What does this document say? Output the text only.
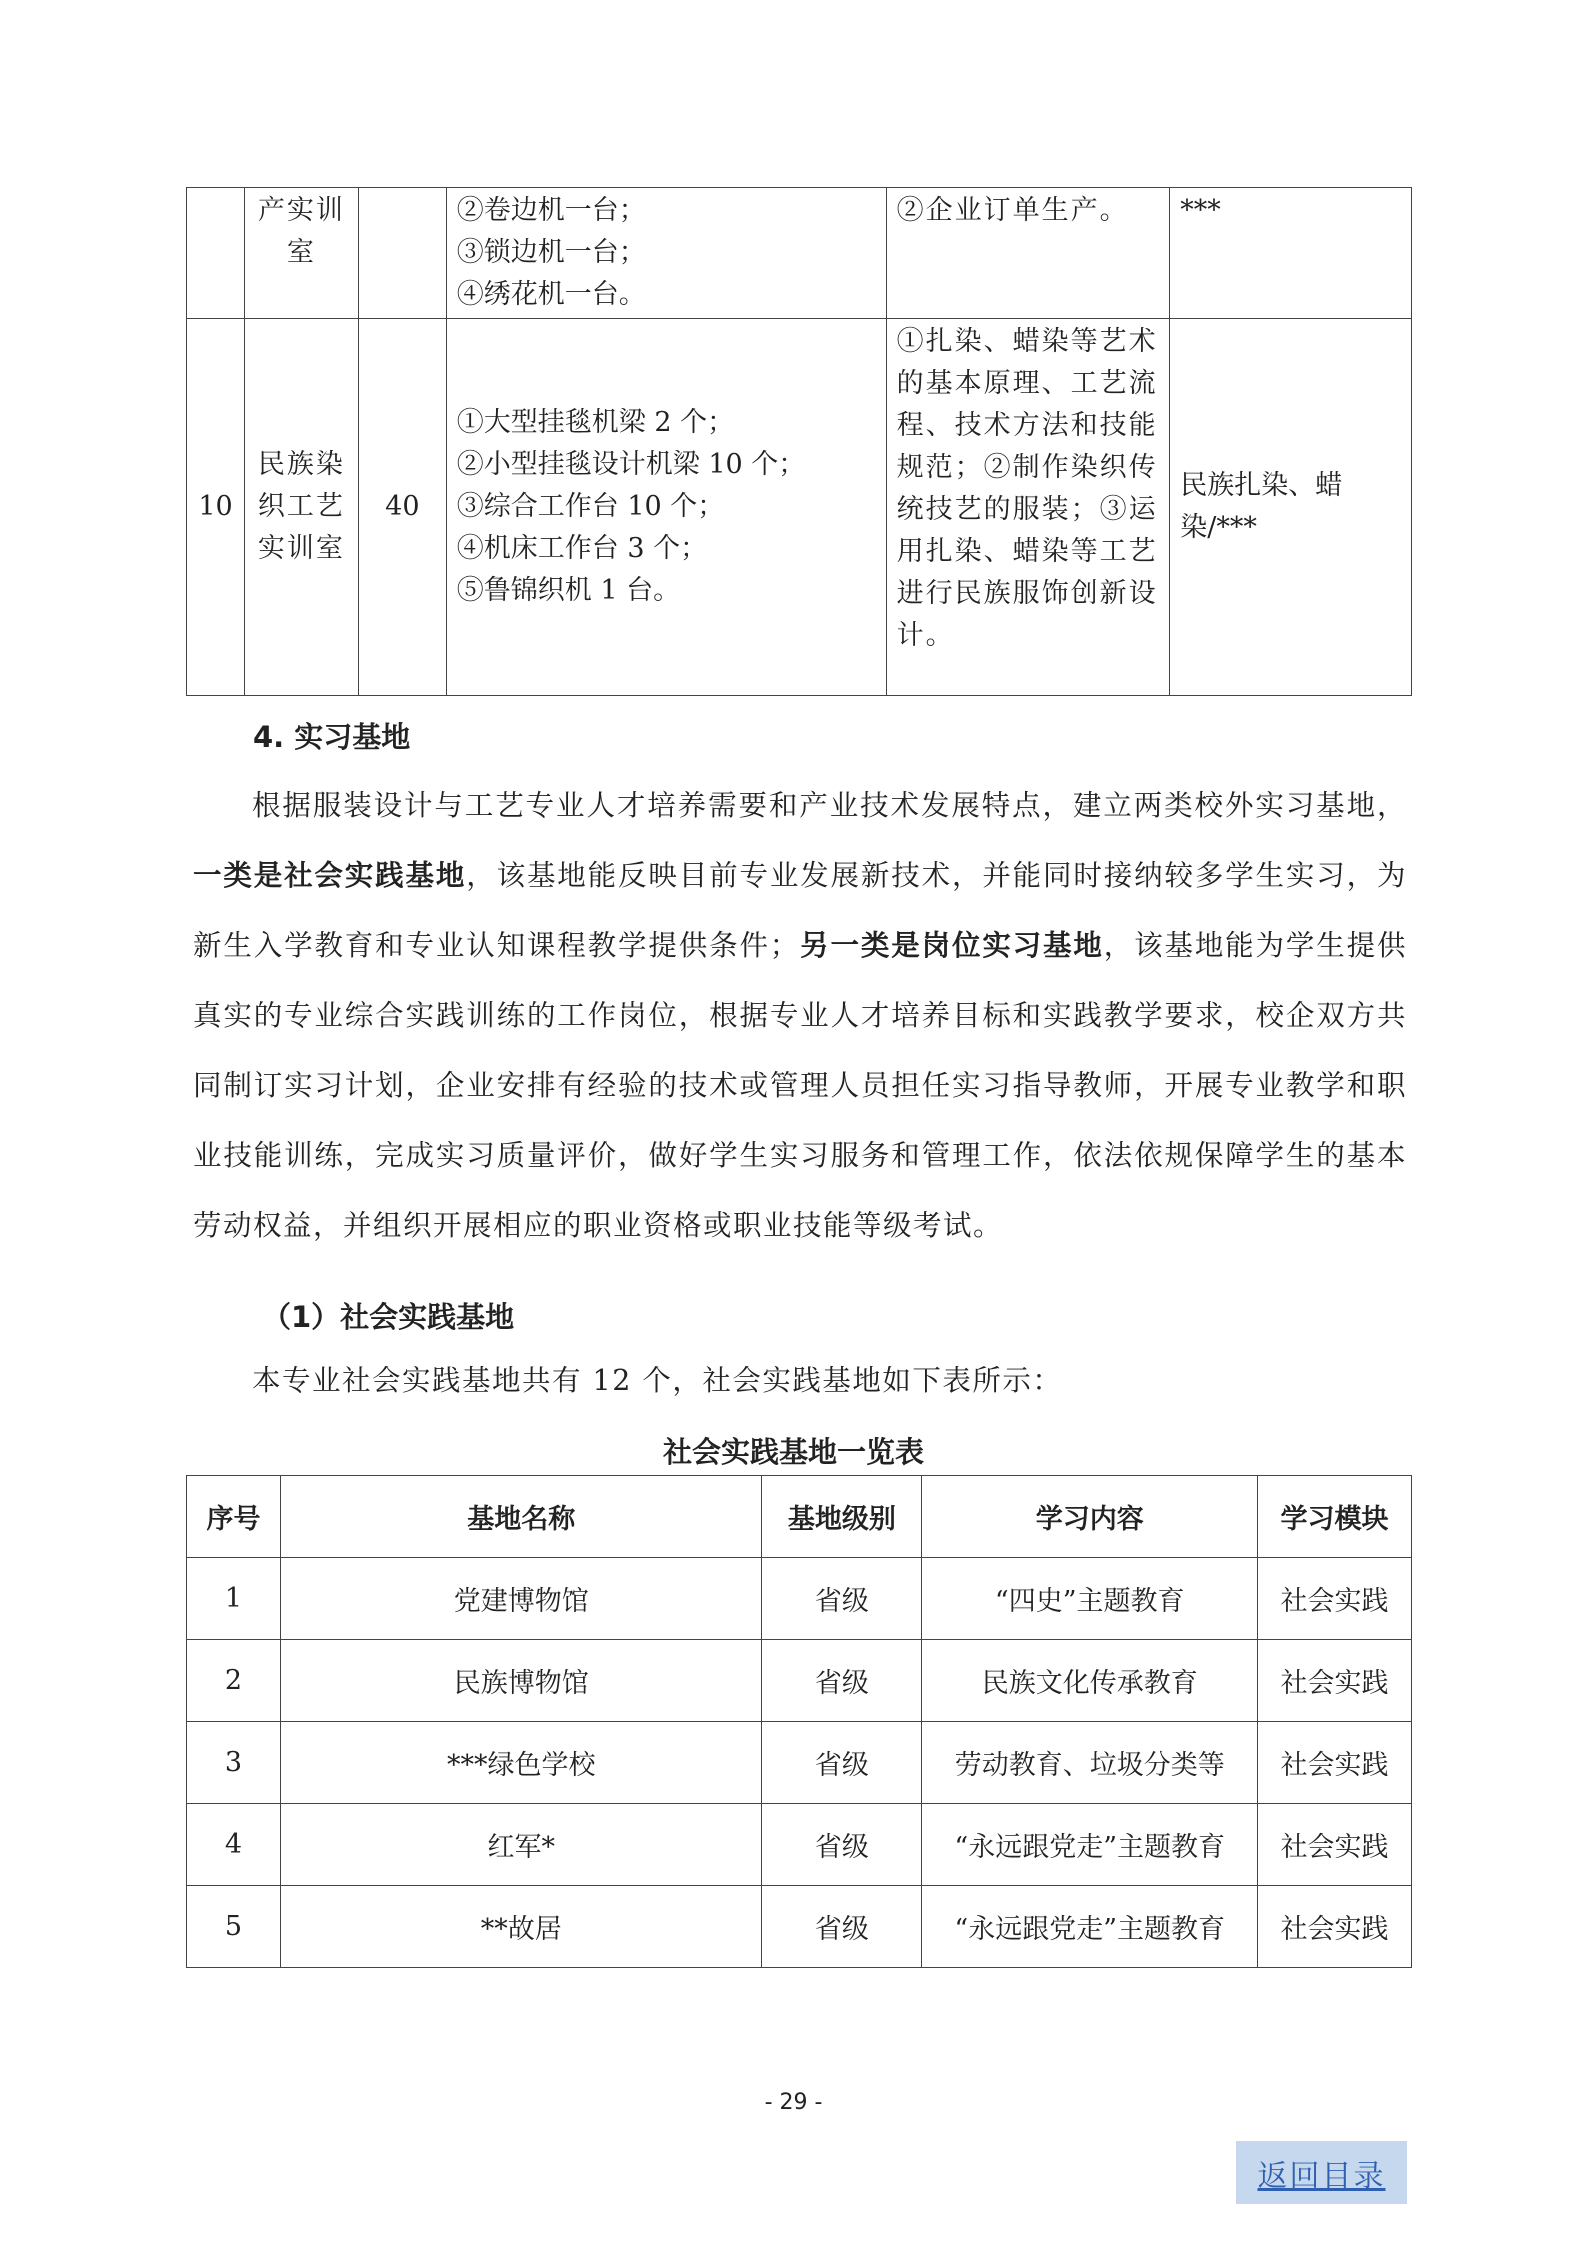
	产实训室		②卷边机一台；
③锁边机一台；
④绣花机一台。	②企业订单生产。	***
10	民族染织工艺实训室	40	①大型挂毯机梁 2 个；
②小型挂毯设计机梁 10 个；
③综合工作台 10 个；
④机床工作台 3 个；
⑤鲁锦织机 1 台。	①扎染、蜡染等艺术的基本原理、工艺流程、技术方法和技能规范；②制作染织传统技艺的服装；③运用扎染、蜡染等工艺进行民族服饰创新设计。	民族扎染、蜡染/***
4. 实习基地
根据服装设计与工艺专业人才培养需要和产业技术发展特点，建立两类校外实习基地，一类是社会实践基地，该基地能反映目前专业发展新技术，并能同时接纳较多学生实习，为新生入学教育和专业认知课程教学提供条件；另一类是岗位实习基地，该基地能为学生提供真实的专业综合实践训练的工作岗位，根据专业人才培养目标和实践教学要求，校企双方共同制订实习计划，企业安排有经验的技术或管理人员担任实习指导教师，开展专业教学和职业技能训练，完成实习质量评价，做好学生实习服务和管理工作，依法依规保障学生的基本劳动权益，并组织开展相应的职业资格或职业技能等级考试。
（1）社会实践基地
本专业社会实践基地共有 12 个，社会实践基地如下表所示：
社会实践基地一览表
序号	基地名称	基地级别	学习内容	学习模块
1	党建博物馆	省级	“四史”主题教育	社会实践
2	民族博物馆	省级	民族文化传承教育	社会实践
3	***绿色学校	省级	劳动教育、垃圾分类等	社会实践
4	红军*	省级	“永远跟党走”主题教育	社会实践
5	**故居	省级	“永远跟党走”主题教育	社会实践
- 29 -
返回目录
